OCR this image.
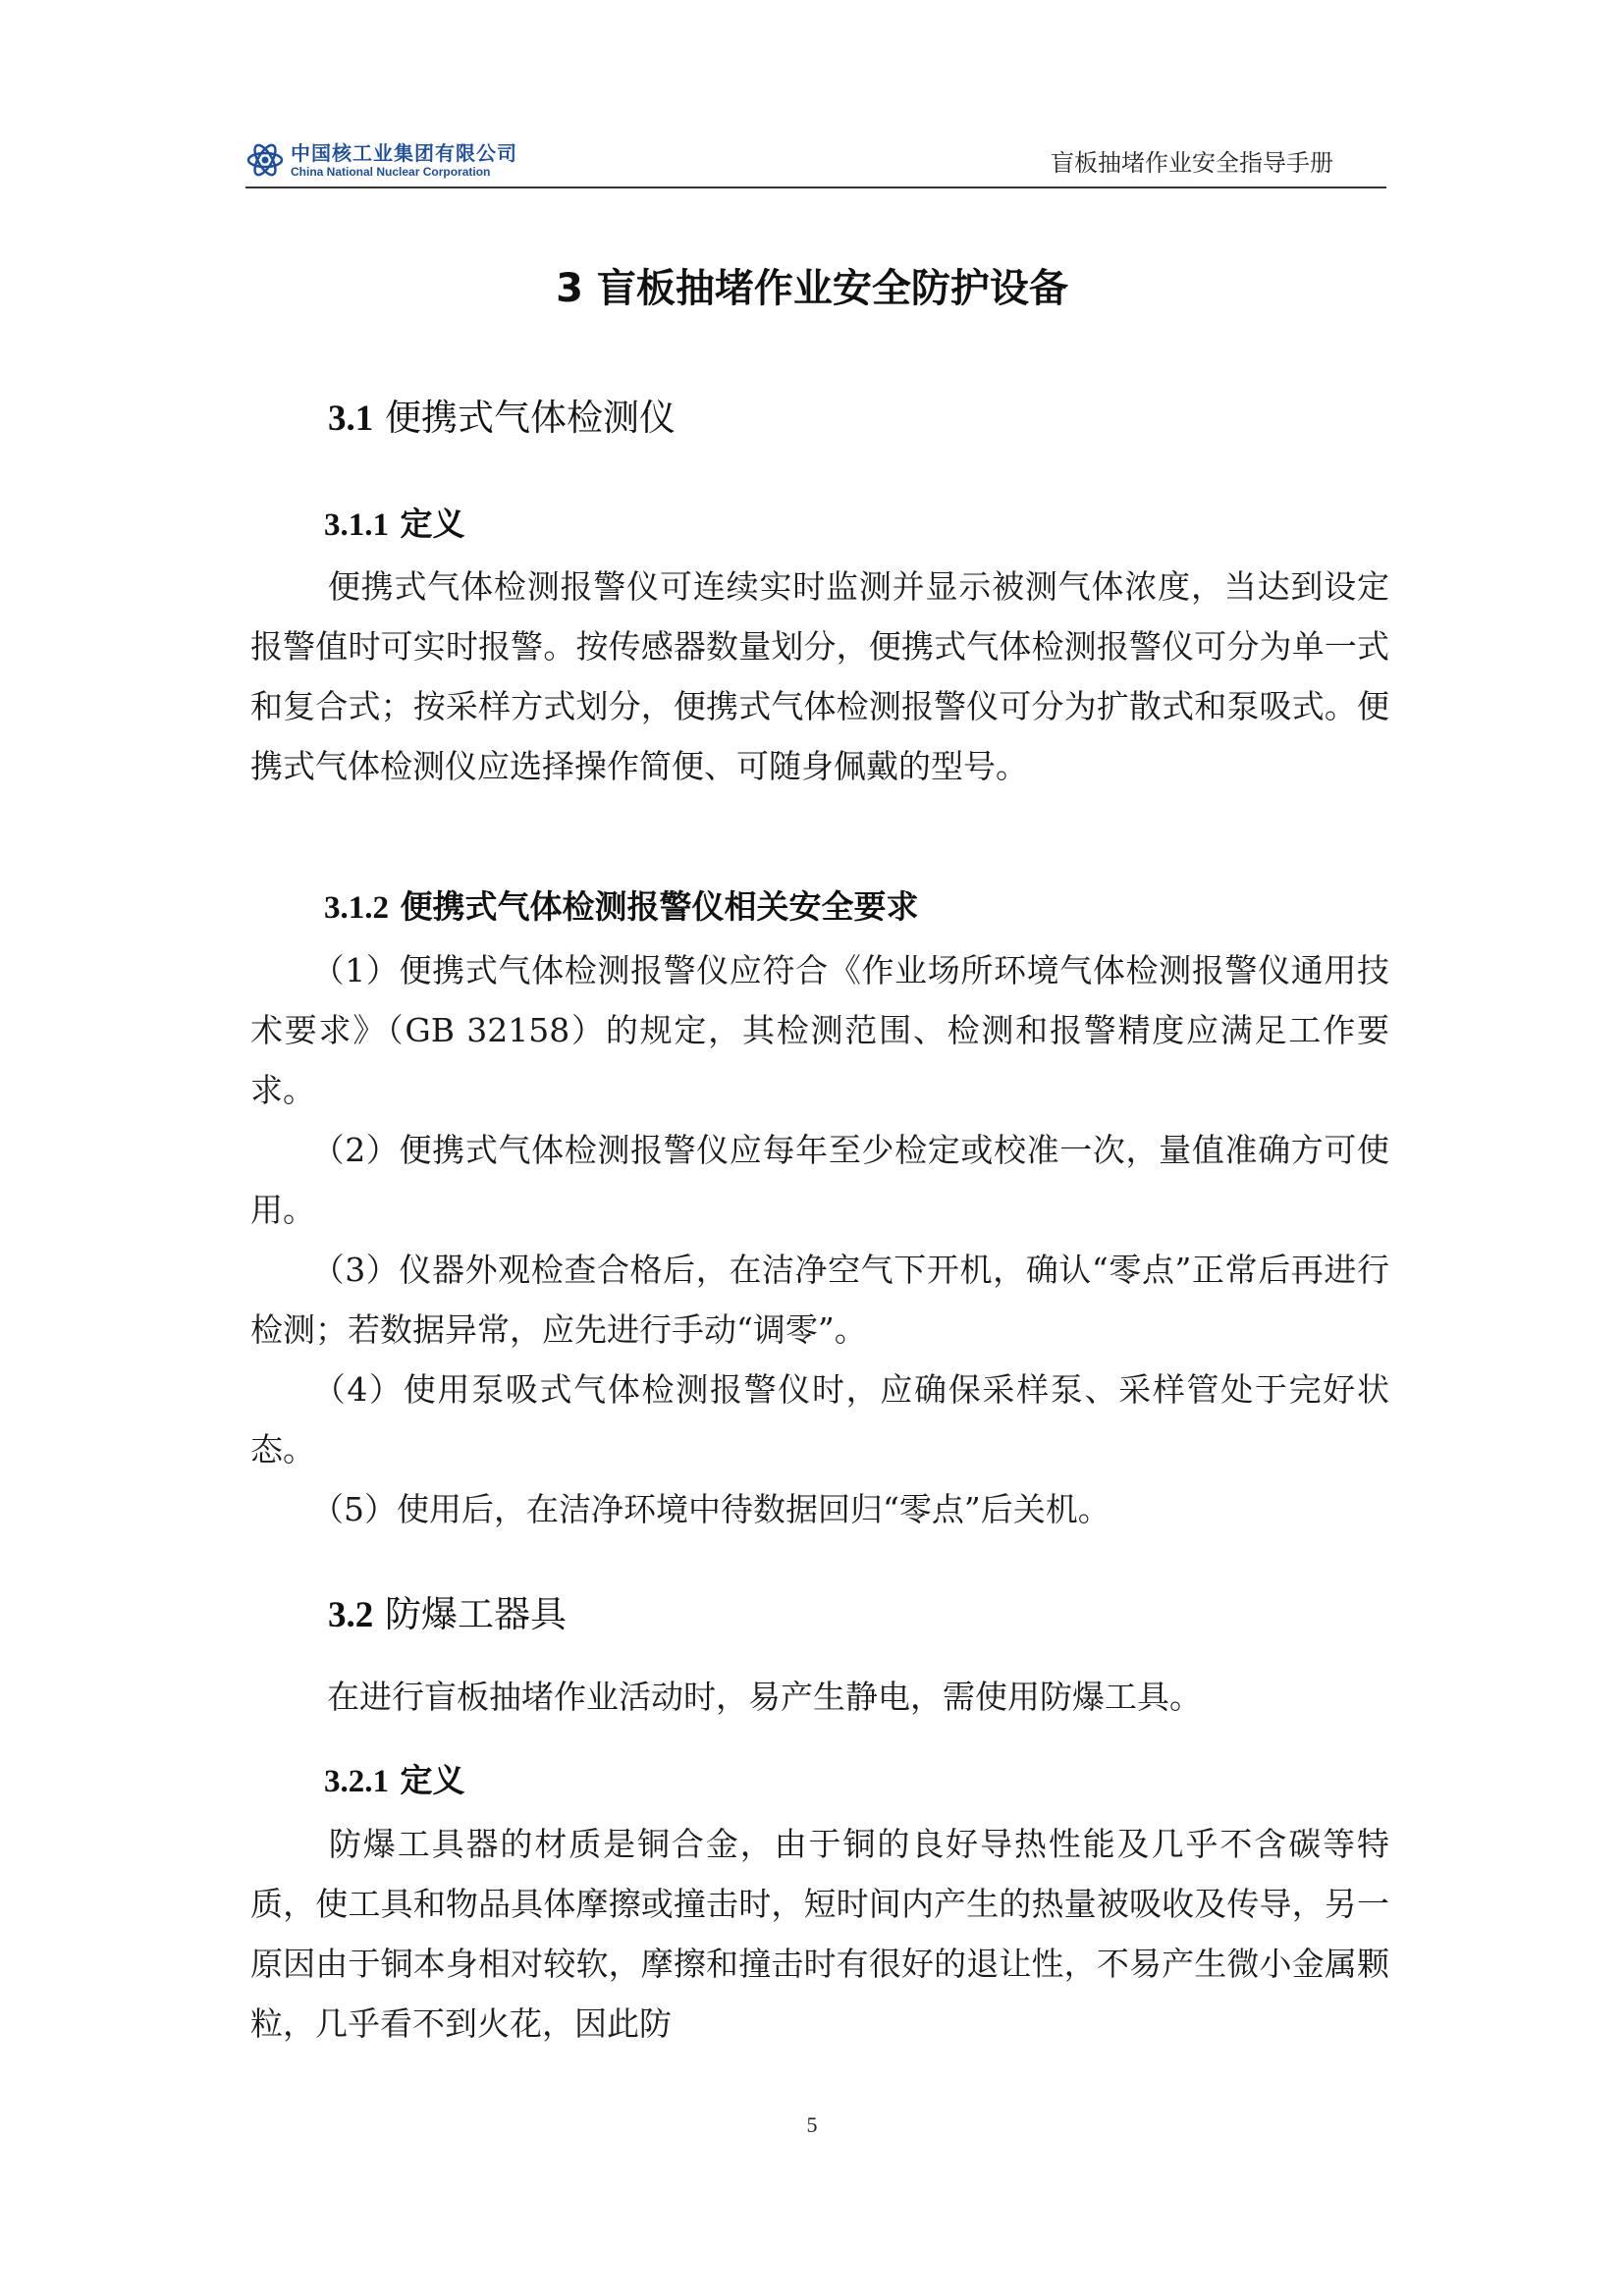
中国核工业集团有限公司
China National Nuclear Corporation	盲板抽堵作业安全指导手册
3 盲板抽堵作业安全防护设备
3.1 便携式气体检测仪
3.1.1 定义
便携式气体检测报警仪可连续实时监测并显示被测气体浓度，当达到设定报警值时可实时报警。按传感器数量划分，便携式气体检测报警仪可分为单一式和复合式；按采样方式划分，便携式气体检测报警仪可分为扩散式和泵吸式。便携式气体检测仪应选择操作简便、可随身佩戴的型号。
3.1.2 便携式气体检测报警仪相关安全要求
（1）便携式气体检测报警仪应符合《作业场所环境气体检测报警仪通用技术要求》（GB 32158）的规定，其检测范围、检测和报警精度应满足工作要求。
（2）便携式气体检测报警仪应每年至少检定或校准一次，量值准确方可使用。
（3）仪器外观检查合格后，在洁净空气下开机，确认“零点”正常后再进行检测；若数据异常，应先进行手动“调零”。
（4）使用泵吸式气体检测报警仪时，应确保采样泵、采样管处于完好状态。
（5）使用后，在洁净环境中待数据回归“零点”后关机。
3.2 防爆工器具
在进行盲板抽堵作业活动时，易产生静电，需使用防爆工具。
3.2.1 定义
防爆工具器的材质是铜合金，由于铜的良好导热性能及几乎不含碳等特质，使工具和物品具体摩擦或撞击时，短时间内产生的热量被吸收及传导，另一原因由于铜本身相对较软，摩擦和撞击时有很好的退让性，不易产生微小金属颗粒，几乎看不到火花，因此防
5
